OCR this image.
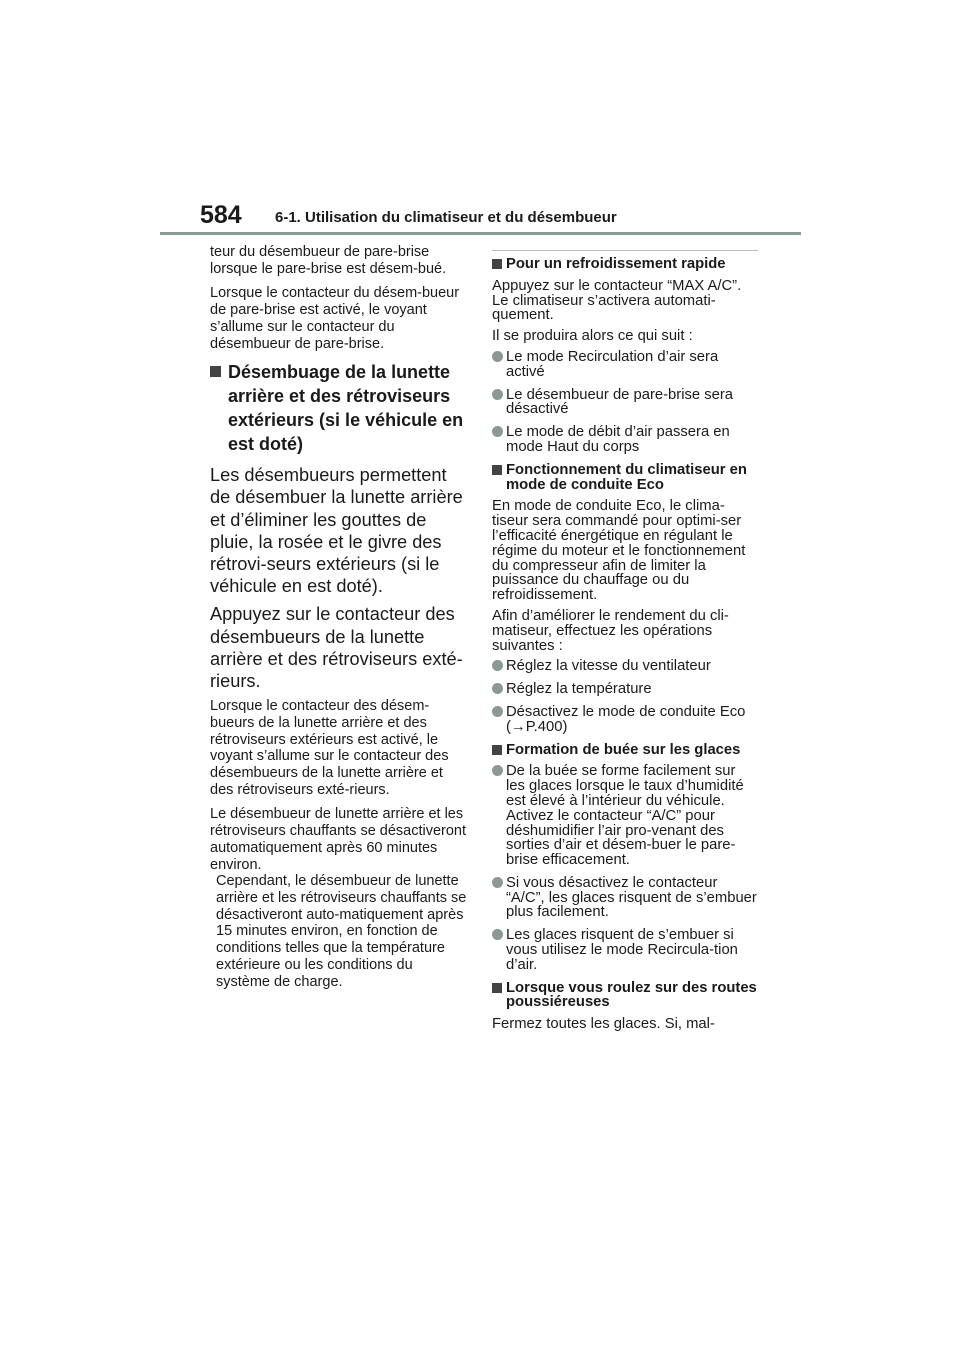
584 6-1. Utilisation du climatiseur et du désembueur

teur du désembueur de pare-brise lorsque le pare-brise est désem-bué.

Lorsque le contacteur du désem-bueur de pare-brise est activé, le voyant s’allume sur le contacteur du désembueur de pare-brise.

Désembuage de la lunette arrière et des rétroviseurs extérieurs (si le véhicule en est doté)

Les désembueurs permettent de désembuer la lunette arrière et d’éliminer les gouttes de pluie, la rosée et le givre des rétrovi-seurs extérieurs (si le véhicule en est doté).

Appuyez sur le contacteur des désembueurs de la lunette arrière et des rétroviseurs exté-rieurs.

Lorsque le contacteur des désem-bueurs de la lunette arrière et des rétroviseurs extérieurs est activé, le voyant s’allume sur le contacteur des désembueurs de la lunette arrière et des rétroviseurs exté-rieurs.

Le désembueur de lunette arrière et les rétroviseurs chauffants se désactiveront automatiquement après 60 minutes environ.
Cependant, le désembueur de lunette arrière et les rétroviseurs chauffants se désactiveront auto-matiquement après 15 minutes environ, en fonction de conditions telles que la température extérieure ou les conditions du système de charge.

Pour un refroidissement rapide

Appuyez sur le contacteur “MAX A/C”.
Le climatiseur s’activera automati-quement.

Il se produira alors ce qui suit :

Le mode Recirculation d’air sera activé
Le désembueur de pare-brise sera désactivé
Le mode de débit d’air passera en mode Haut du corps
Fonctionnement du climatiseur en mode de conduite Eco

En mode de conduite Eco, le clima-tiseur sera commandé pour optimi-ser l’efficacité énergétique en régulant le régime du moteur et le fonctionnement du compresseur afin de limiter la puissance du chauffage ou du refroidissement.

Afin d’améliorer le rendement du cli-matiseur, effectuez les opérations suivantes :

Réglez la vitesse du ventilateur
Réglez la température
Désactivez le mode de conduite Eco (→P.400)
Formation de buée sur les glaces
De la buée se forme facilement sur les glaces lorsque le taux d’humidité est élevé à l’intérieur du véhicule. Activez le contacteur “A/C” pour déshumidifier l’air pro-venant des sorties d’air et désem-buer le pare-brise efficacement.
Si vous désactivez le contacteur “A/C”, les glaces risquent de s’embuer plus facilement.
Les glaces risquent de s’embuer si vous utilisez le mode Recircula-tion d’air.
Lorsque vous roulez sur des routes poussiéreuses

Fermez toutes les glaces. Si, mal-
